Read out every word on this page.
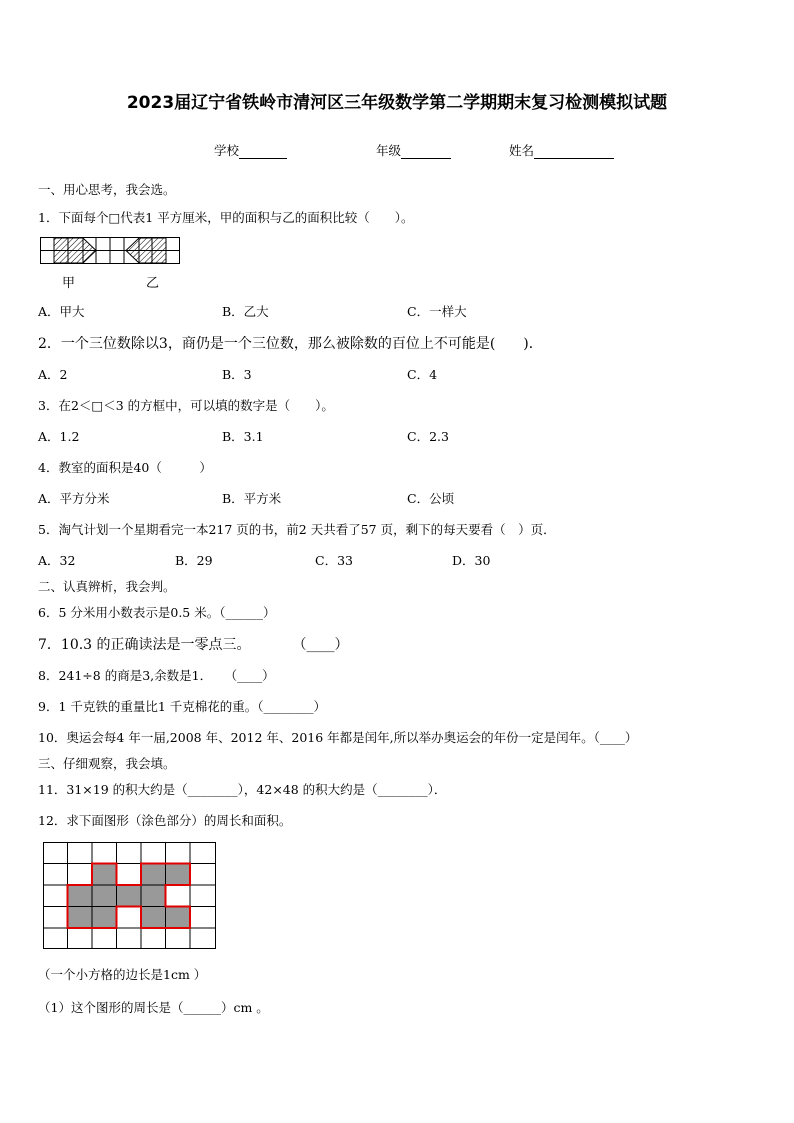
2023届辽宁省铁岭市清河区三年级数学第二学期期末复习检测模拟试题
学校	年级	姓名
一、用心思考，我会选。
1．下面每个□代表1 平方厘米，甲的面积与乙的面积比较（　　）。
甲	乙
A．甲大	B．乙大	C．一样大
2．一个三位数除以3，商仍是一个三位数，那么被除数的百位上不可能是(　　)．
A．2	B．3	C．4
3．在2＜□＜3 的方框中，可以填的数字是（　　）。
A．1.2	B．3.1	C．2.3
4．教室的面积是40（　　　）
A．平方分米	B．平方米	C．公顷
5．淘气计划一个星期看完一本217 页的书，前2 天共看了57 页，剩下的每天要看（　）页．
A．32	B．29	C．33	D．30
二、认真辨析，我会判。
6．5 分米用小数表示是0.5 米。（______）
7．10.3 的正确读法是一零点三。　　　　（____）
8．241÷8 的商是3,余数是1．　　（____）
9．1 千克铁的重量比1 千克棉花的重。（________）
10．奥运会每4 年一届,2008 年、2012 年、2016 年都是闰年,所以举办奥运会的年份一定是闰年。（____）
三、仔细观察，我会填。
11．31×19 的积大约是（________），42×48 的积大约是（________）．
12．求下面图形（涂色部分）的周长和面积。
（一个小方格的边长是1cm ）
（1）这个图形的周长是（______）cm 。
